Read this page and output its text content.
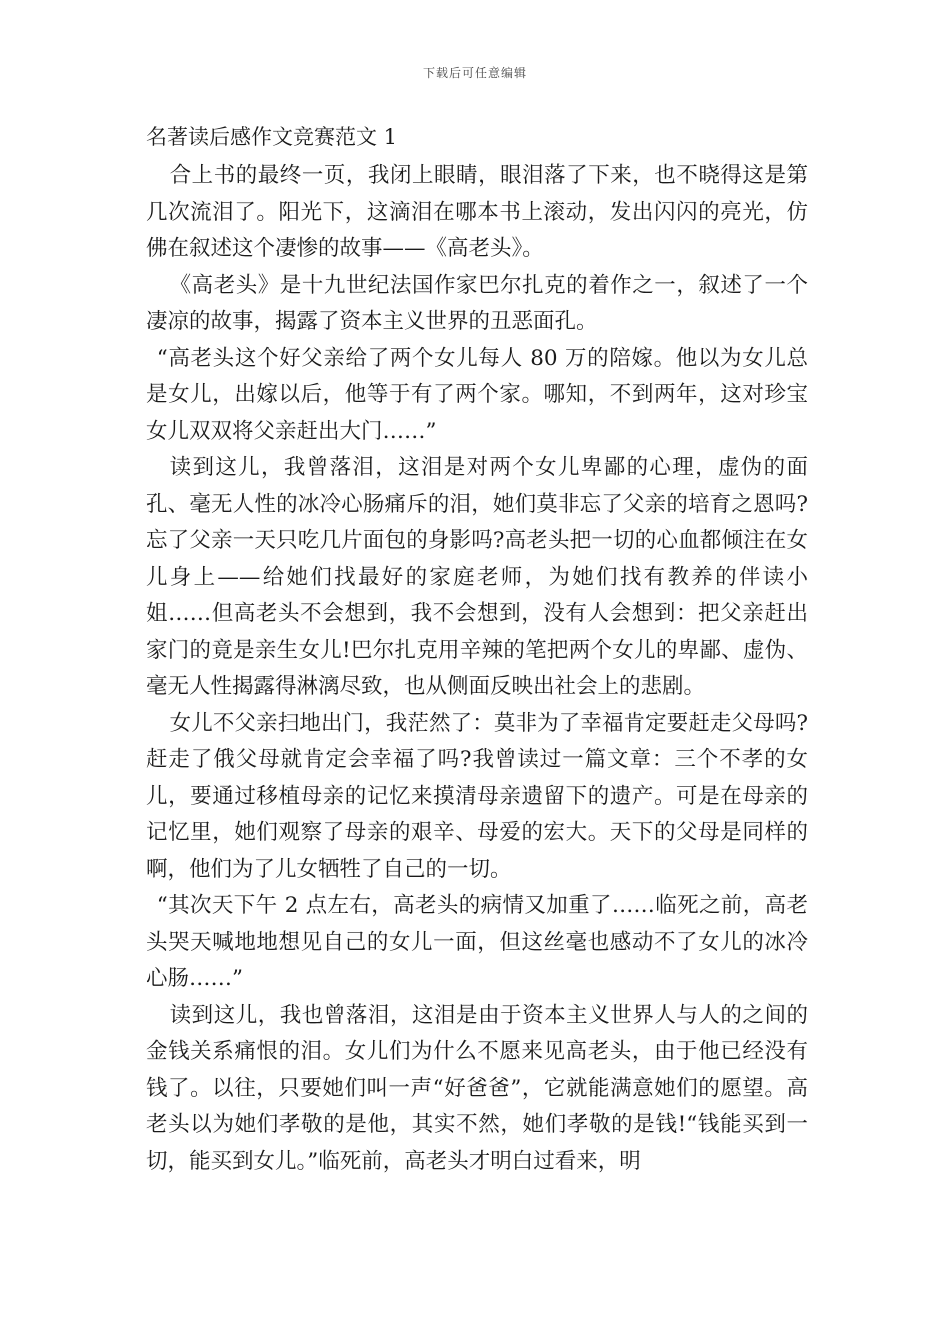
下载后可任意编辑
名著读后感作文竞赛范文 1

合上书的最终一页，我闭上眼睛，眼泪落了下来，也不晓得这是第几次流泪了。阳光下，这滴泪在哪本书上滚动，发出闪闪的亮光，仿佛在叙述这个凄惨的故事——《高老头》。

《高老头》是十九世纪法国作家巴尔扎克的着作之一，叙述了一个凄凉的故事，揭露了资本主义世界的丑恶面孔。

“高老头这个好父亲给了两个女儿每人 80 万的陪嫁。他以为女儿总是女儿，出嫁以后，他等于有了两个家。哪知，不到两年，这对珍宝女儿双双将父亲赶出大门……”

读到这儿，我曾落泪，这泪是对两个女儿卑鄙的心理，虚伪的面孔、毫无人性的冰冷心肠痛斥的泪，她们莫非忘了父亲的培育之恩吗?忘了父亲一天只吃几片面包的身影吗?高老头把一切的心血都倾注在女儿身上——给她们找最好的家庭老师，为她们找有教养的伴读小姐……但高老头不会想到，我不会想到，没有人会想到：把父亲赶出家门的竟是亲生女儿!巴尔扎克用辛辣的笔把两个女儿的卑鄙、虚伪、毫无人性揭露得淋漓尽致，也从侧面反映出社会上的悲剧。

女儿不父亲扫地出门，我茫然了：莫非为了幸福肯定要赶走父母吗?赶走了俄父母就肯定会幸福了吗?我曾读过一篇文章：三个不孝的女儿，要通过移植母亲的记忆来摸清母亲遗留下的遗产。可是在母亲的记忆里，她们观察了母亲的艰辛、母爱的宏大。天下的父母是同样的啊，他们为了儿女牺牲了自己的一切。

“其次天下午 2 点左右，高老头的病情又加重了……临死之前，高老头哭天喊地地想见自己的女儿一面，但这丝毫也感动不了女儿的冰冷心肠……”

读到这儿，我也曾落泪，这泪是由于资本主义世界人与人的之间的金钱关系痛恨的泪。女儿们为什么不愿来见高老头，由于他已经没有钱了。以往，只要她们叫一声“好爸爸”，它就能满意她们的愿望。高老头以为她们孝敬的是他，其实不然，她们孝敬的是钱!“钱能买到一切，能买到女儿。”临死前，高老头才明白过看来，明
